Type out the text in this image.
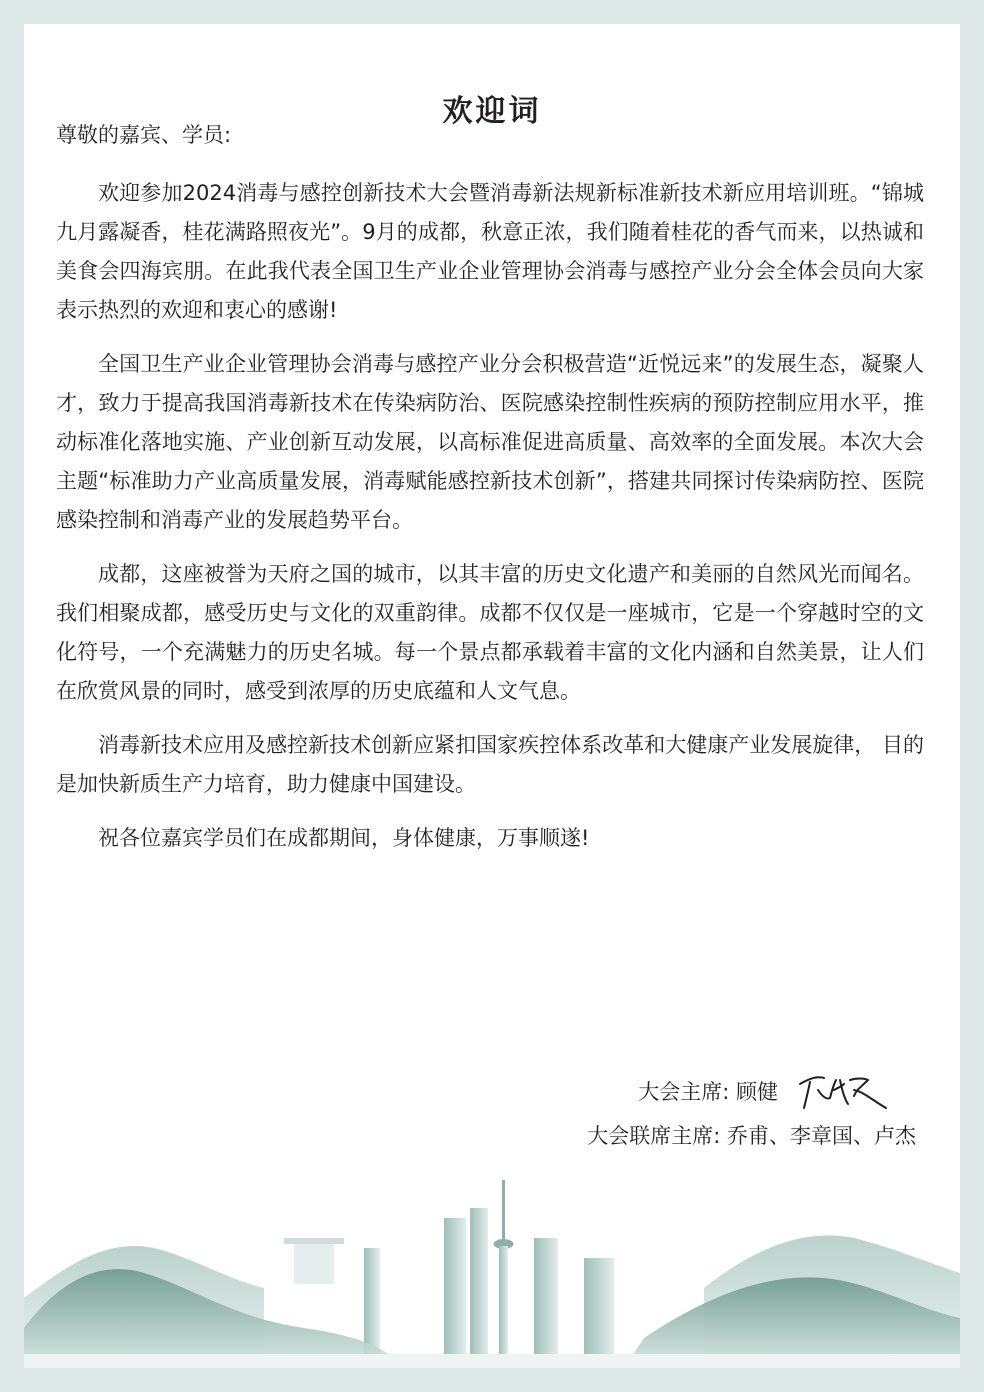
欢迎词
尊敬的嘉宾、学员:

欢迎参加2024消毒与感控创新技术大会暨消毒新法规新标准新技术新应用培训班。“锦城九月露凝香，桂花满路照夜光”。9月的成都，秋意正浓，我们随着桂花的香气而来，以热诚和美食会四海宾朋。在此我代表全国卫生产业企业管理协会消毒与感控产业分会全体会员向大家表示热烈的欢迎和衷心的感谢!

全国卫生产业企业管理协会消毒与感控产业分会积极营造“近悦远来”的发展生态，凝聚人才，致力于提高我国消毒新技术在传染病防治、医院感染控制性疾病的预防控制应用水平，推动标准化落地实施、产业创新互动发展，以高标准促进高质量、高效率的全面发展。本次大会主题“标准助力产业高质量发展，消毒赋能感控新技术创新”，搭建共同探讨传染病防控、医院感染控制和消毒产业的发展趋势平台。

成都，这座被誉为天府之国的城市，以其丰富的历史文化遗产和美丽的自然风光而闻名。我们相聚成都，感受历史与文化的双重韵律。成都不仅仅是一座城市，它是一个穿越时空的文化符号，一个充满魅力的历史名城。每一个景点都承载着丰富的文化内涵和自然美景，让人们在欣赏风景的同时，感受到浓厚的历史底蕴和人文气息。

消毒新技术应用及感控新技术创新应紧扣国家疾控体系改革和大健康产业发展旋律， 目的是加快新质生产力培育，助力健康中国建设。

祝各位嘉宾学员们在成都期间，身体健康，万事顺遂!

大会主席: 顾健
大会联席主席: 乔甫、李章国、卢杰
